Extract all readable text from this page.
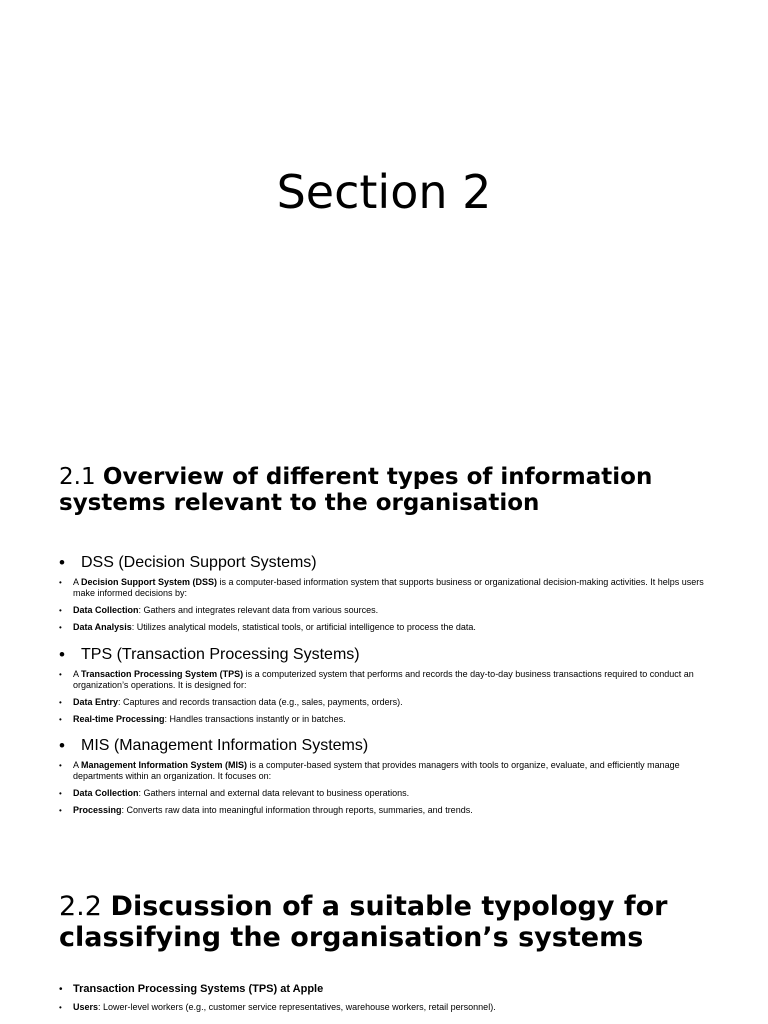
Section 2
2.1 Overview of different types of information systems relevant to the organisation
• DSS (Decision Support Systems)
• A Decision Support System (DSS) is a computer-based information system that supports business or organizational decision-making activities. It helps users make informed decisions by:
• Data Collection: Gathers and integrates relevant data from various sources.
• Data Analysis: Utilizes analytical models, statistical tools, or artificial intelligence to process the data.
• TPS (Transaction Processing Systems)
• A Transaction Processing System (TPS) is a computerized system that performs and records the day-to-day business transactions required to conduct an organization’s operations. It is designed for:
• Data Entry: Captures and records transaction data (e.g., sales, payments, orders).
• Real-time Processing: Handles transactions instantly or in batches.
• MIS (Management Information Systems)
• A Management Information System (MIS) is a computer-based system that provides managers with tools to organize, evaluate, and efficiently manage departments within an organization. It focuses on:
• Data Collection: Gathers internal and external data relevant to business operations.
• Processing: Converts raw data into meaningful information through reports, summaries, and trends.
2.2 Discussion of a suitable typology for classifying the organisation’s systems
• Transaction Processing Systems (TPS) at Apple
• Users: Lower-level workers (e.g., customer service representatives, warehouse workers, retail personnel).
